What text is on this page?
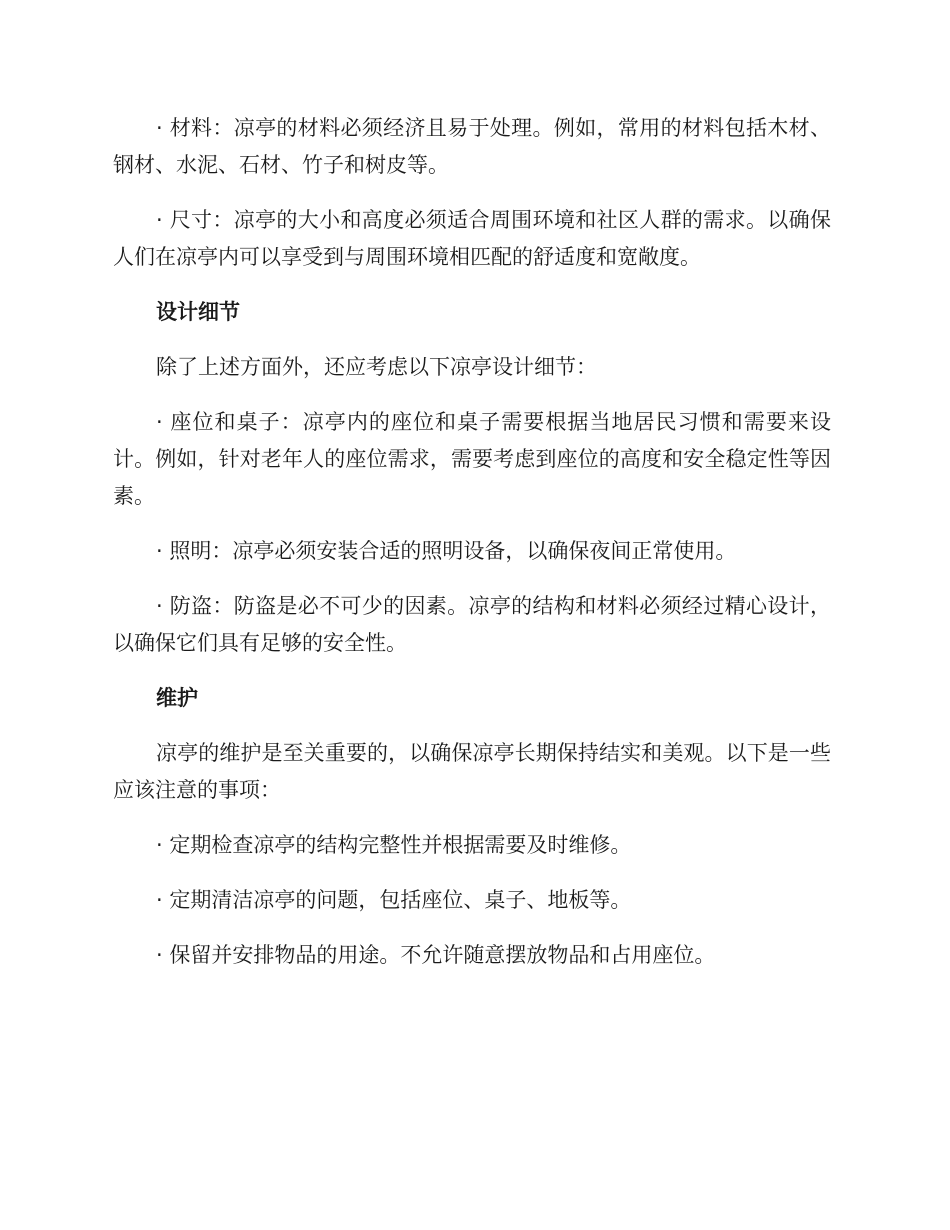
· 材料：凉亭的材料必须经济且易于处理。例如，常用的材料包括木材、钢材、水泥、石材、竹子和树皮等。

· 尺寸：凉亭的大小和高度必须适合周围环境和社区人群的需求。以确保人们在凉亭内可以享受到与周围环境相匹配的舒适度和宽敞度。

设计细节

除了上述方面外，还应考虑以下凉亭设计细节：

· 座位和桌子：凉亭内的座位和桌子需要根据当地居民习惯和需要来设计。例如，针对老年人的座位需求，需要考虑到座位的高度和安全稳定性等因素。

· 照明：凉亭必须安装合适的照明设备，以确保夜间正常使用。

· 防盗：防盗是必不可少的因素。凉亭的结构和材料必须经过精心设计，以确保它们具有足够的安全性。

维护

凉亭的维护是至关重要的，以确保凉亭长期保持结实和美观。以下是一些应该注意的事项：

· 定期检查凉亭的结构完整性并根据需要及时维修。

· 定期清洁凉亭的问题，包括座位、桌子、地板等。

· 保留并安排物品的用途。不允许随意摆放物品和占用座位。
